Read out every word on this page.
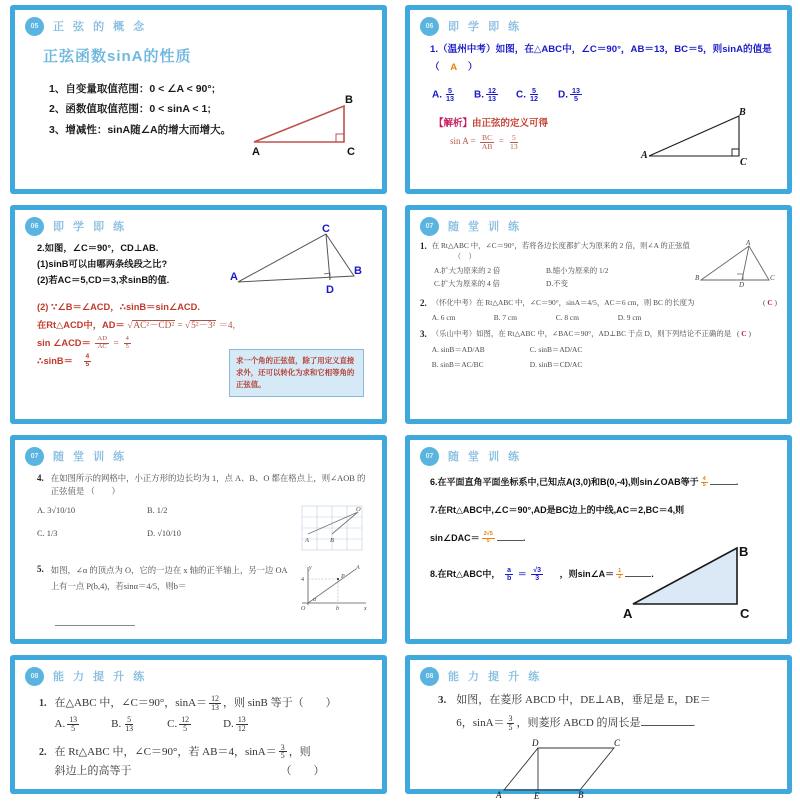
05	正 弦 的 概 念
正弦函数sinA的性质
1、自变量取值范围：0 < ∠A < 90°;
2、函数值取值范围：0 < sinA < 1;
3、增减性：sinA随∠A的增大而增大。
B
A	C
06	即 学 即 练
1.（温州中考）如图，在△ABC中，∠C＝90°，AB＝13，BC＝5，则sinA的值是
（ A ）
A. $\frac{5}{13} B$. $\frac{12}{13} C$. $\frac{5}{12} D$. $\frac{13}{5}$
【解析】由正弦的定义可得
$\sin A = \frac{BC}{AB} = \frac{5}{13}$
B
A
C
06	即 学 即 练
2.如图，∠C＝90°，CD⊥AB.
(1)sinB可以由哪两条线段之比?
(2)若AC＝5,CD＝3,求sinB的值.
(2) ∵∠B＝∠ACD，∴sinB＝sin∠ACD.
在Rt△ACD中，AD＝ √AC²－CD² = √5²－3² ＝4,
sin ∠ACD＝ $\frac{AD}{AC} = \frac{4}{5}$
∴sinB＝ $\frac{4}{5}$	求一个角的正弦值，除了用定义直接求外，还可以转化为求和它相等角的正弦值。
C
A	B
D
07	随 堂 训 练
1. 在 Rt△ABC 中，∠C＝90°，若将各边长度都扩大为原来的 2 倍，则∠A 的正弦值 （　）
A.扩大为原来的 2 倍	B.缩小为原来的 1/2
C.扩大为原来的 4 倍	D.不变
A
B	C
D
2. （怀化中考）在 Rt△ABC 中，∠C＝90°，sinA＝4/5，AC＝6 cm，则 BC 的长度为	( C )
A. 6 cm	B. 7 cm	C. 8 cm	D. 9 cm
3. （乐山中考）如图，在 Rt△ABC 中，∠BAC＝90°，AD⊥BC 于点 D，则下列结论不正确的是 ( C )
A. sinB＝AD/AB	C. sinB＝AD/AC
B. sinB＝AC/BC	D. sinB＝CD/AC
07	随 堂 训 练
4. 在如图所示的网格中，小正方形的边长均为 1，点 A、B、O 都在格点上，则∠AOB 的正弦值是 （　　）
A. 3√10/10	B. 1/2
C. 1/3	D. √10/10
A	B
O
5. 如图，∠α 的顶点为 O，它的一边在 x 轴的正半轴上，另一边 OA 上有一点 P(b,4)，若sinα＝4/5，则b＝
4	P
A
O	b	x
y
α
07	随 堂 训 练
6.在平面直角平面坐标系中,已知点A(3,0)和B(0,-4),则sin∠OAB等于 $\frac{4}{5}$	.
7.在Rt△ABC中,∠C＝90°,AD是BC边上的中线,AC＝2,BC＝4,则
sin∠DAC＝ $\frac{2√5}{5}$	.
8.在Rt△ABC中， $\frac{a}{b} = \frac{√3}{3}$ ，则sin∠A＝ $\frac{1}{2}$	.
B
A	C
08	能 力 提 升 练
1. 在△ABC 中，∠C＝90°，$\sin A= \frac{12}{13}$ ，则 sinB 等于（　　）
A. $\frac{13}{5}$	B. $\frac{5}{13}$	C. $\frac{12}{5}$	D. $\frac{13}{12}$
2. 在 Rt△ABC 中，∠C＝90°，若 AB＝4，$\sin A= \frac{3}{5}$ ，则
斜边上的高等于	（　　）
08	能 力 提 升 练
3. 如图，在菱形 ABCD 中，DE⊥AB，垂足是 E，DE＝
6，$\sin A= \frac{3}{5}$ ，则菱形 ABCD 的周长是	.
D	C
A	E	B
